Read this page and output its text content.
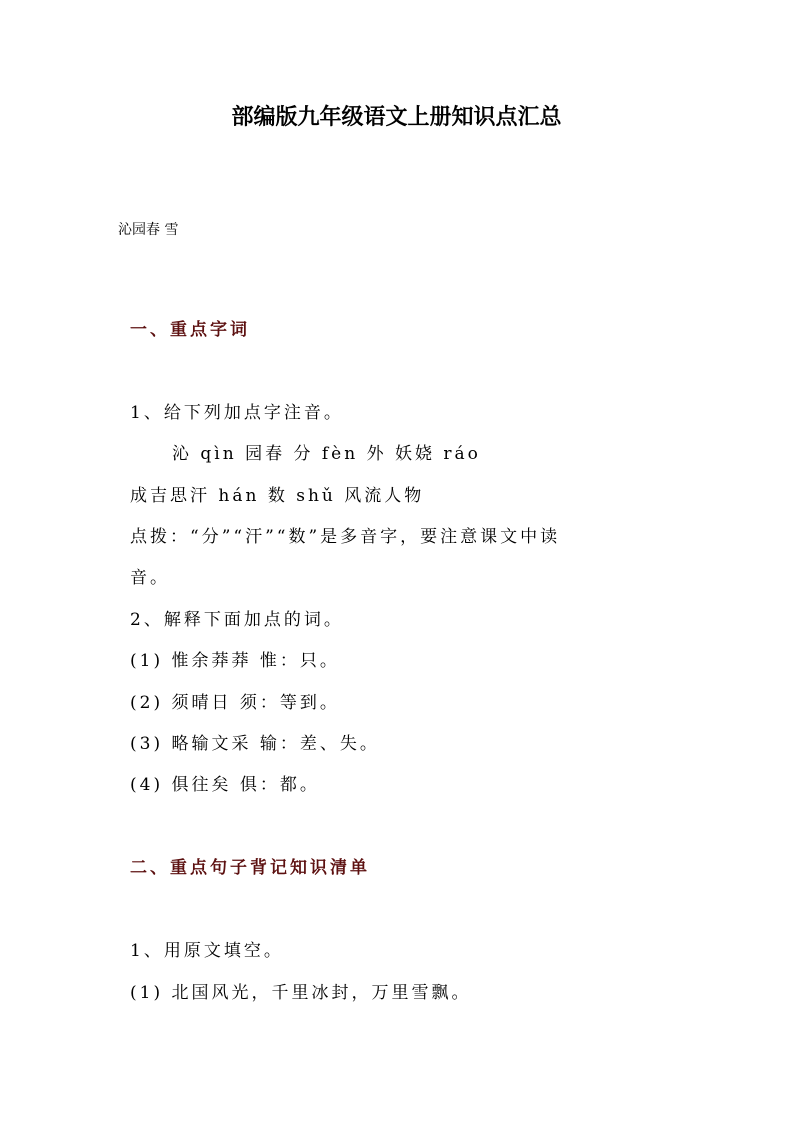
部编版九年级语文上册知识点汇总
沁园春 雪
一、重点字词
1、给下列加点字注音。
沁 qìn 园春 分 fèn 外 妖娆 ráo
成吉思汗 hán 数 shǔ 风流人物
点拨：“分”“汗”“数”是多音字，要注意课文中读
音。
2、解释下面加点的词。
(1) 惟余莽莽 惟：只。
(2) 须晴日 须：等到。
(3) 略输文采 输：差、失。
(4) 俱往矣 俱：都。
二、重点句子背记知识清单
1、用原文填空。
(1) 北国风光，千里冰封，万里雪飘。
